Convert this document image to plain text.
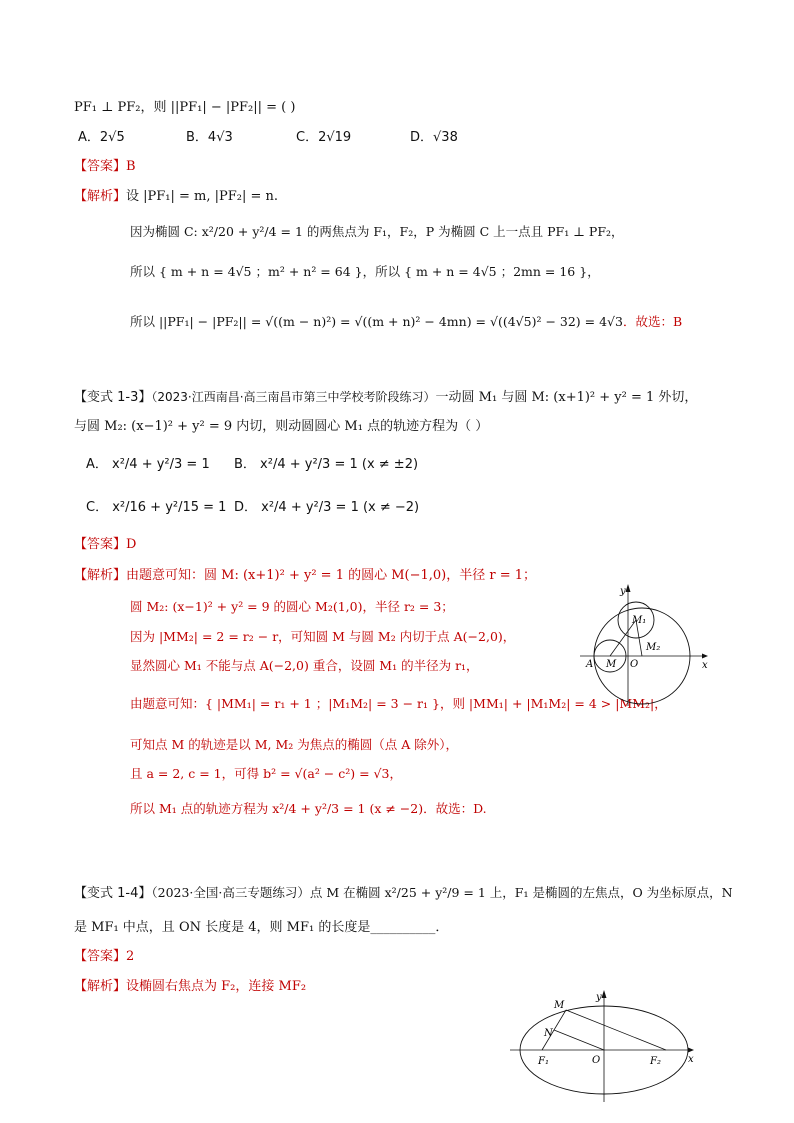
PF₁ ⊥ PF₂，则 ||PF₁| − |PF₂|| = ( )
A．2√5	B．4√3	C．2√19	D．√38
【答案】B
【解析】设 |PF₁| = m, |PF₂| = n.
因为椭圆 C: x²/20 + y²/4 = 1 的两焦点为 F₁，F₂，P 为椭圆 C 上一点且 PF₁ ⊥ PF₂，
所以 { m + n = 4√5 ；m² + n² = 64 }，所以 { m + n = 4√5 ；2mn = 16 }，
所以 ||PF₁| − |PF₂|| = √((m − n)²) = √((m + n)² − 4mn) = √((4√5)² − 32) = 4√3．故选：B
【变式 1-3】（2023·江西南昌·高三南昌市第三中学校考阶段练习）一动圆 M₁ 与圆 M: (x+1)² + y² = 1 外切，
与圆 M₂: (x−1)² + y² = 9 内切，则动圆圆心 M₁ 点的轨迹方程为（ ）
A． x²/4 + y²/3 = 1 B． x²/4 + y²/3 = 1 (x ≠ ±2)
C． x²/16 + y²/15 = 1 D． x²/4 + y²/3 = 1 (x ≠ −2)
【答案】D
【解析】由题意可知：圆 M: (x+1)² + y² = 1 的圆心 M(−1,0)，半径 r = 1；
圆 M₂: (x−1)² + y² = 9 的圆心 M₂(1,0)，半径 r₂ = 3；
因为 |MM₂| = 2 = r₂ − r，可知圆 M 与圆 M₂ 内切于点 A(−2,0)，
显然圆心 M₁ 不能与点 A(−2,0) 重合，设圆 M₁ 的半径为 r₁，
由题意可知：{ |MM₁| = r₁ + 1 ；|M₁M₂| = 3 − r₁ }，则 |MM₁| + |M₁M₂| = 4 > |MM₂|，
可知点 M 的轨迹是以 M, M₂ 为焦点的椭圆（点 A 除外），
且 a = 2, c = 1，可得 b² = √(a² − c²) = √3，
所以 M₁ 点的轨迹方程为 x²/4 + y²/3 = 1 (x ≠ −2)．故选：D.
y
x
A M O
M₁
M₂
【变式 1-4】（2023·全国·高三专题练习）点 M 在椭圆 x²/25 + y²/9 = 1 上，F₁ 是椭圆的左焦点，O 为坐标原点，N
是 MF₁ 中点，且 ON 长度是 4，则 MF₁ 的长度是__________．
【答案】2
【解析】设椭圆右焦点为 F₂，连接 MF₂
y
x
M
N
O
F₁	F₂
